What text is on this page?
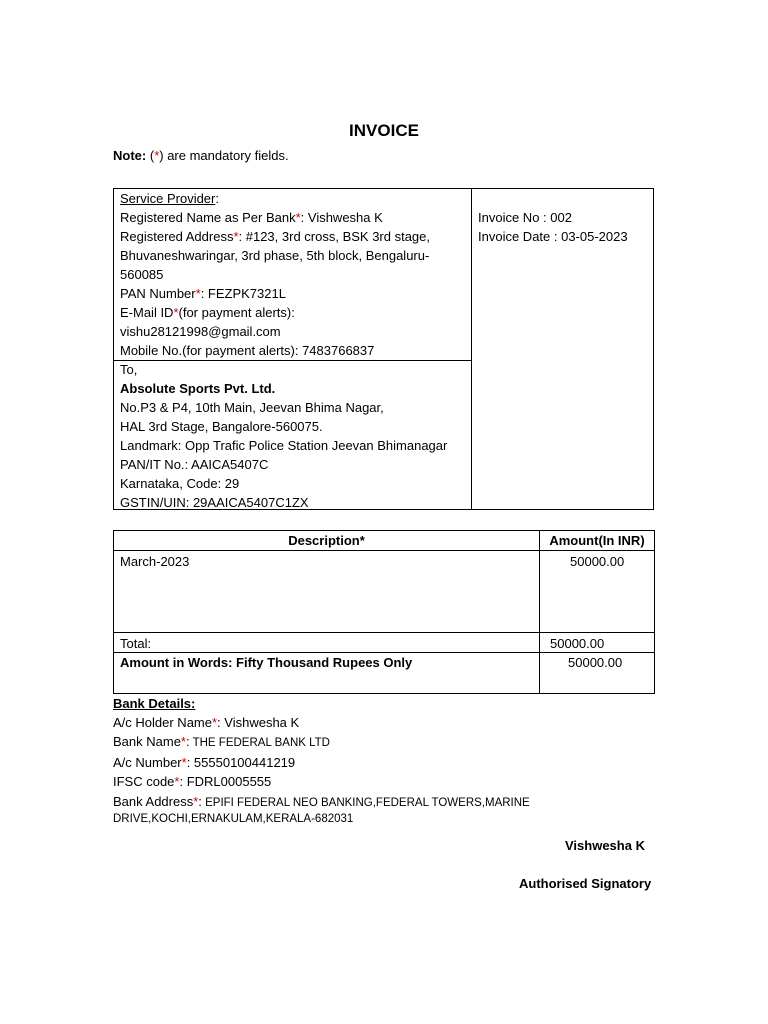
INVOICE
Note: (*) are mandatory fields.
Service Provider:
Registered Name as Per Bank*: Vishwesha K
Registered Address*: #123, 3rd cross, BSK 3rd stage,
Bhuvaneshwaringar, 3rd phase, 5th block, Bengaluru-
560085
PAN Number*: FEZPK7321L
E-Mail ID*(for payment alerts):
vishu28121998@gmail.com
Mobile No.(for payment alerts): 7483766837
Invoice No : 002
Invoice Date : 03-05-2023
To,
Absolute Sports Pvt. Ltd.
No.P3 & P4, 10th Main, Jeevan Bhima Nagar,
HAL 3rd Stage, Bangalore-560075.
Landmark: Opp Trafic Police Station Jeevan Bhimanagar
PAN/IT No.: AAICA5407C
Karnataka, Code: 29
GSTIN/UIN: 29AAICA5407C1ZX
Description*	Amount(In INR)
March-2023	50000.00
Total:	50000.00
Amount in Words: Fifty Thousand Rupees Only	50000.00
Bank Details:
A/c Holder Name*: Vishwesha K
Bank Name*: THE FEDERAL BANK LTD
A/c Number*: 55550100441219
IFSC code*: FDRL0005555
Bank Address*: EPIFI FEDERAL NEO BANKING,FEDERAL TOWERS,MARINE
DRIVE,KOCHI,ERNAKULAM,KERALA-682031
Vishwesha K
Authorised Signatory
